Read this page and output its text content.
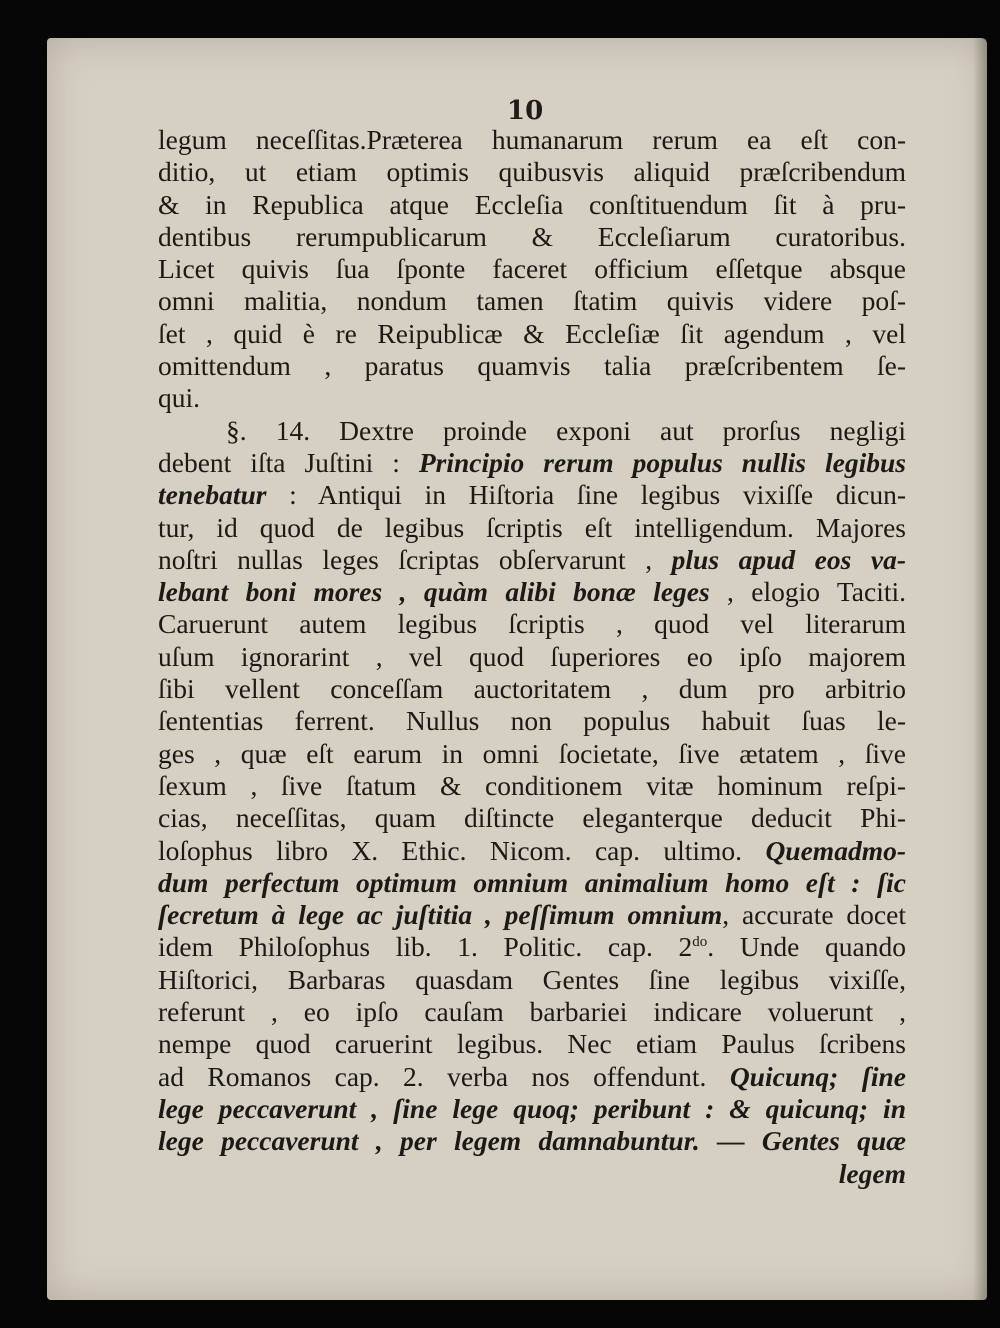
10
legum neceſſitas.Præterea humanarum rerum ea eſt con-
ditio, ut etiam optimis quibusvis aliquid præſcribendum
& in Republica atque Eccleſia conſtituendum ſit à pru-
dentibus rerumpublicarum & Eccleſiarum curatoribus.
Licet quivis ſua ſponte faceret officium eſſetque absque
omni malitia, nondum tamen ſtatim quivis videre poſ-
ſet , quid è re Reipublicæ & Eccleſiæ ſit agendum , vel
omittendum , paratus quamvis talia præſcribentem ſe-
qui.
§. 14. Dextre proinde exponi aut prorſus negligi
debent iſta Juſtini : Principio rerum populus nullis legibus
tenebatur : Antiqui in Hiſtoria ſine legibus vixiſſe dicun-
tur, id quod de legibus ſcriptis eſt intelligendum. Majores
noſtri nullas leges ſcriptas obſervarunt , plus apud eos va-
lebant boni mores , quàm alibi bonæ leges , elogio Taciti.
Caruerunt autem legibus ſcriptis , quod vel literarum
uſum ignorarint , vel quod ſuperiores eo ipſo majorem
ſibi vellent conceſſam auctoritatem , dum pro arbitrio
ſententias ferrent. Nullus non populus habuit ſuas le-
ges , quæ eſt earum in omni ſocietate, ſive ætatem , ſive
ſexum , ſive ſtatum & conditionem vitæ hominum reſpi-
cias, neceſſitas, quam diſtincte eleganterque deducit Phi-
loſophus libro X. Ethic. Nicom. cap. ultimo. Quemadmo-
dum perfectum optimum omnium animalium homo eſt : ſic
ſecretum à lege ac juſtitia , peſſimum omnium, accurate docet
idem Philoſophus lib. 1. Politic. cap. $2^{do}$. Unde quando
Hiſtorici, Barbaras quasdam Gentes ſine legibus vixiſſe,
referunt , eo ipſo cauſam barbariei indicare voluerunt ,
nempe quod caruerint legibus. Nec etiam Paulus ſcribens
ad Romanos cap. 2. verba nos offendunt. Quicunq; ſine
lege peccaverunt , ſine lege quoq; peribunt : & quicunq; in
lege peccaverunt , per legem damnabuntur. — Gentes quæ
legem
